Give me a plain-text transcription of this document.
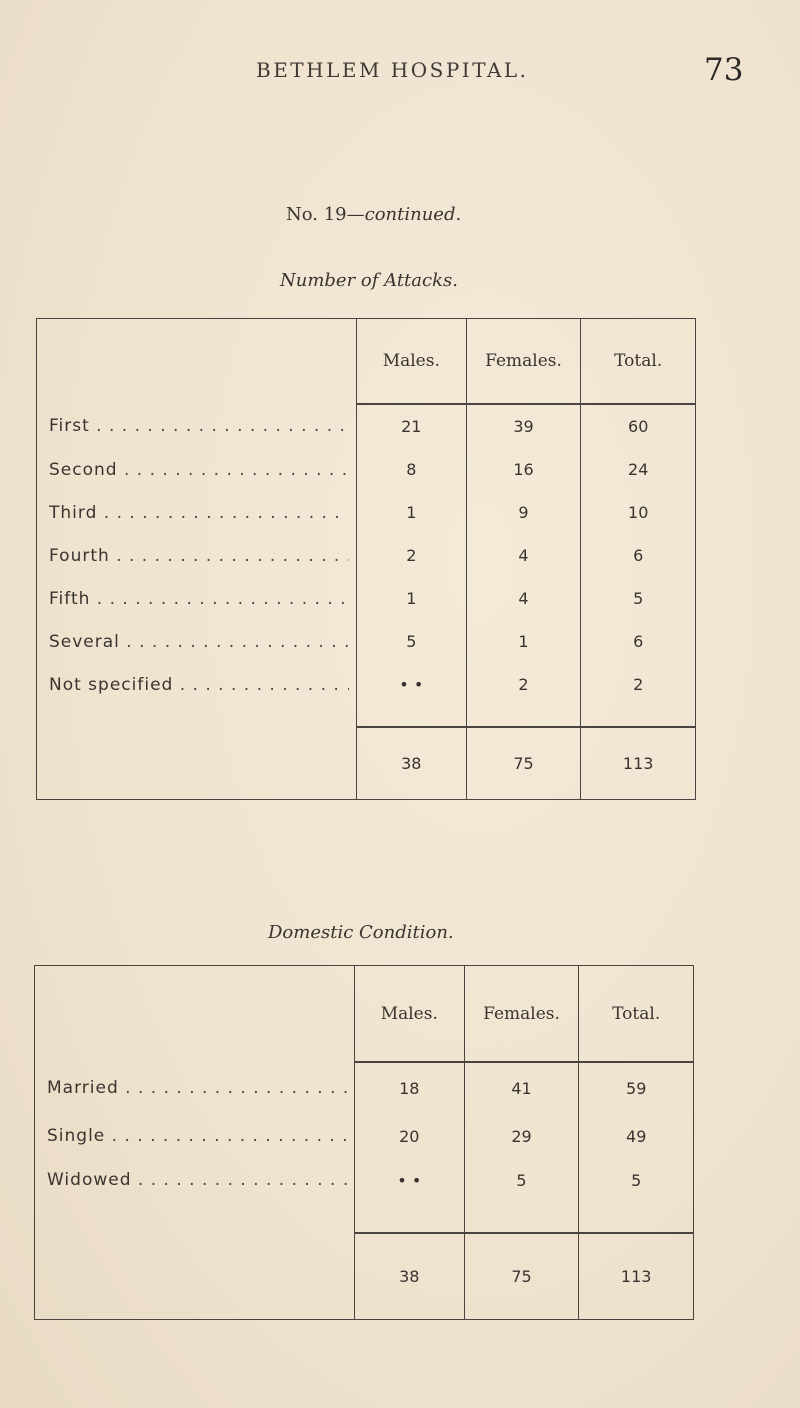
BETHLEM HOSPITAL.	73
No. 19—continued.
Number of Attacks.
	Males.	Females.	Total.

First . . .	21	39	60

Second . . .	8	16	24

Third . . .	1	9	10

Fourth . . .	2	4	6

Fifth . . .	1	4	5

Several . . .	5	1	6

Not specified . . .	• •	2	2

	38	75	113
Domestic Condition.
	Males.	Females.	Total.

Married . . .	18	41	59

Single . . .	20	29	49

Widowed . . .	• •	5	5

	38	75	113
